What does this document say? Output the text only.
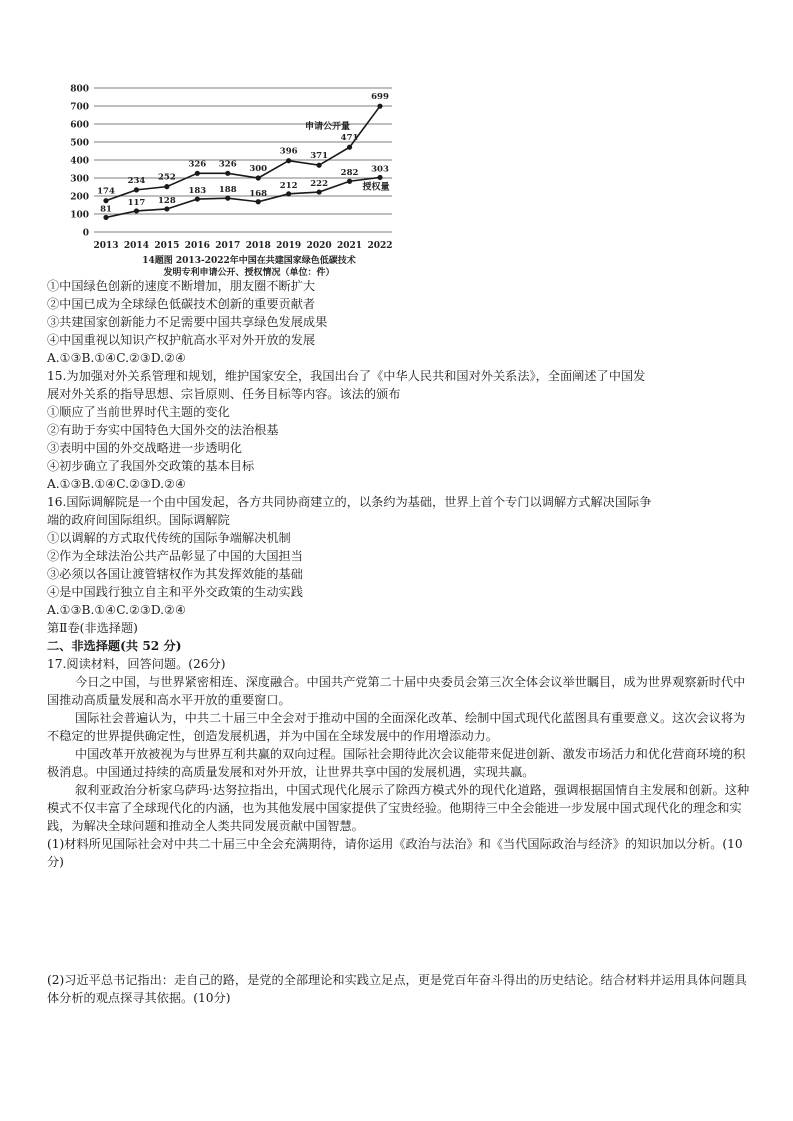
0
100
200
300
400
500
600
700
800
2013 2014 2015 2016 2017 2018 2019 2020 2021 2022
174
234 252
326 326 300
396 371
471
699
81
117 128
183 188 168
212 222
282 303
申请公开量
授权量
14题图 2013-2022年中国在共建国家绿色低碳技术
发明专利申请公开、授权情况（单位：件）
①中国绿色创新的速度不断增加，朋友圈不断扩大
②中国已成为全球绿色低碳技术创新的重要贡献者
③共建国家创新能力不足需要中国共享绿色发展成果
④中国重视以知识产权护航高水平对外开放的发展
A.①③B.①④C.②③D.②④
15.为加强对外关系管理和规划，维护国家安全，我国出台了《中华人民共和国对外关系法》，全面阐述了中国发
展对外关系的指导思想、宗旨原则、任务目标等内容。该法的颁布
①顺应了当前世界时代主题的变化
②有助于夯实中国特色大国外交的法治根基
③表明中国的外交战略进一步透明化
④初步确立了我国外交政策的基本目标
A.①③B.①④C.②③D.②④
16.国际调解院是一个由中国发起，各方共同协商建立的，以条约为基础，世界上首个专门以调解方式解决国际争
端的政府间国际组织。国际调解院
①以调解的方式取代传统的国际争端解决机制
②作为全球法治公共产品彰显了中国的大国担当
③必须以各国让渡管辖权作为其发挥效能的基础
④是中国践行独立自主和平外交政策的生动实践
A.①③B.①④C.②③D.②④
第Ⅱ卷(非选择题)
二、非选择题(共 52 分)
17.阅读材料，回答问题。(26分)
今日之中国，与世界紧密相连、深度融合。中国共产党第二十届中央委员会第三次全体会议举世瞩目，成为世界观察新时代中国推动高质量发展和高水平开放的重要窗口。
国际社会普遍认为，中共二十届三中全会对于推动中国的全面深化改革、绘制中国式现代化蓝图具有重要意义。这次会议将为不稳定的世界提供确定性，创造发展机遇，并为中国在全球发展中的作用增添动力。
中国改革开放被视为与世界互利共赢的双向过程。国际社会期待此次会议能带来促进创新、激发市场活力和优化营商环境的积极消息。中国通过持续的高质量发展和对外开放，让世界共享中国的发展机遇，实现共赢。
叙利亚政治分析家乌萨玛·达努拉指出，中国式现代化展示了除西方模式外的现代化道路，强调根据国情自主发展和创新。这种模式不仅丰富了全球现代化的内涵，也为其他发展中国家提供了宝贵经验。他期待三中全会能进一步发展中国式现代化的理念和实践，为解决全球问题和推动全人类共同发展贡献中国智慧。
(1)材料所见国际社会对中共二十届三中全会充满期待，请你运用《政治与法治》和《当代国际政治与经济》的知识加以分析。(10分)
(2)习近平总书记指出：走自己的路，是党的全部理论和实践立足点，更是党百年奋斗得出的历史结论。结合材料并运用具体问题具体分析的观点探寻其依据。(10分)
